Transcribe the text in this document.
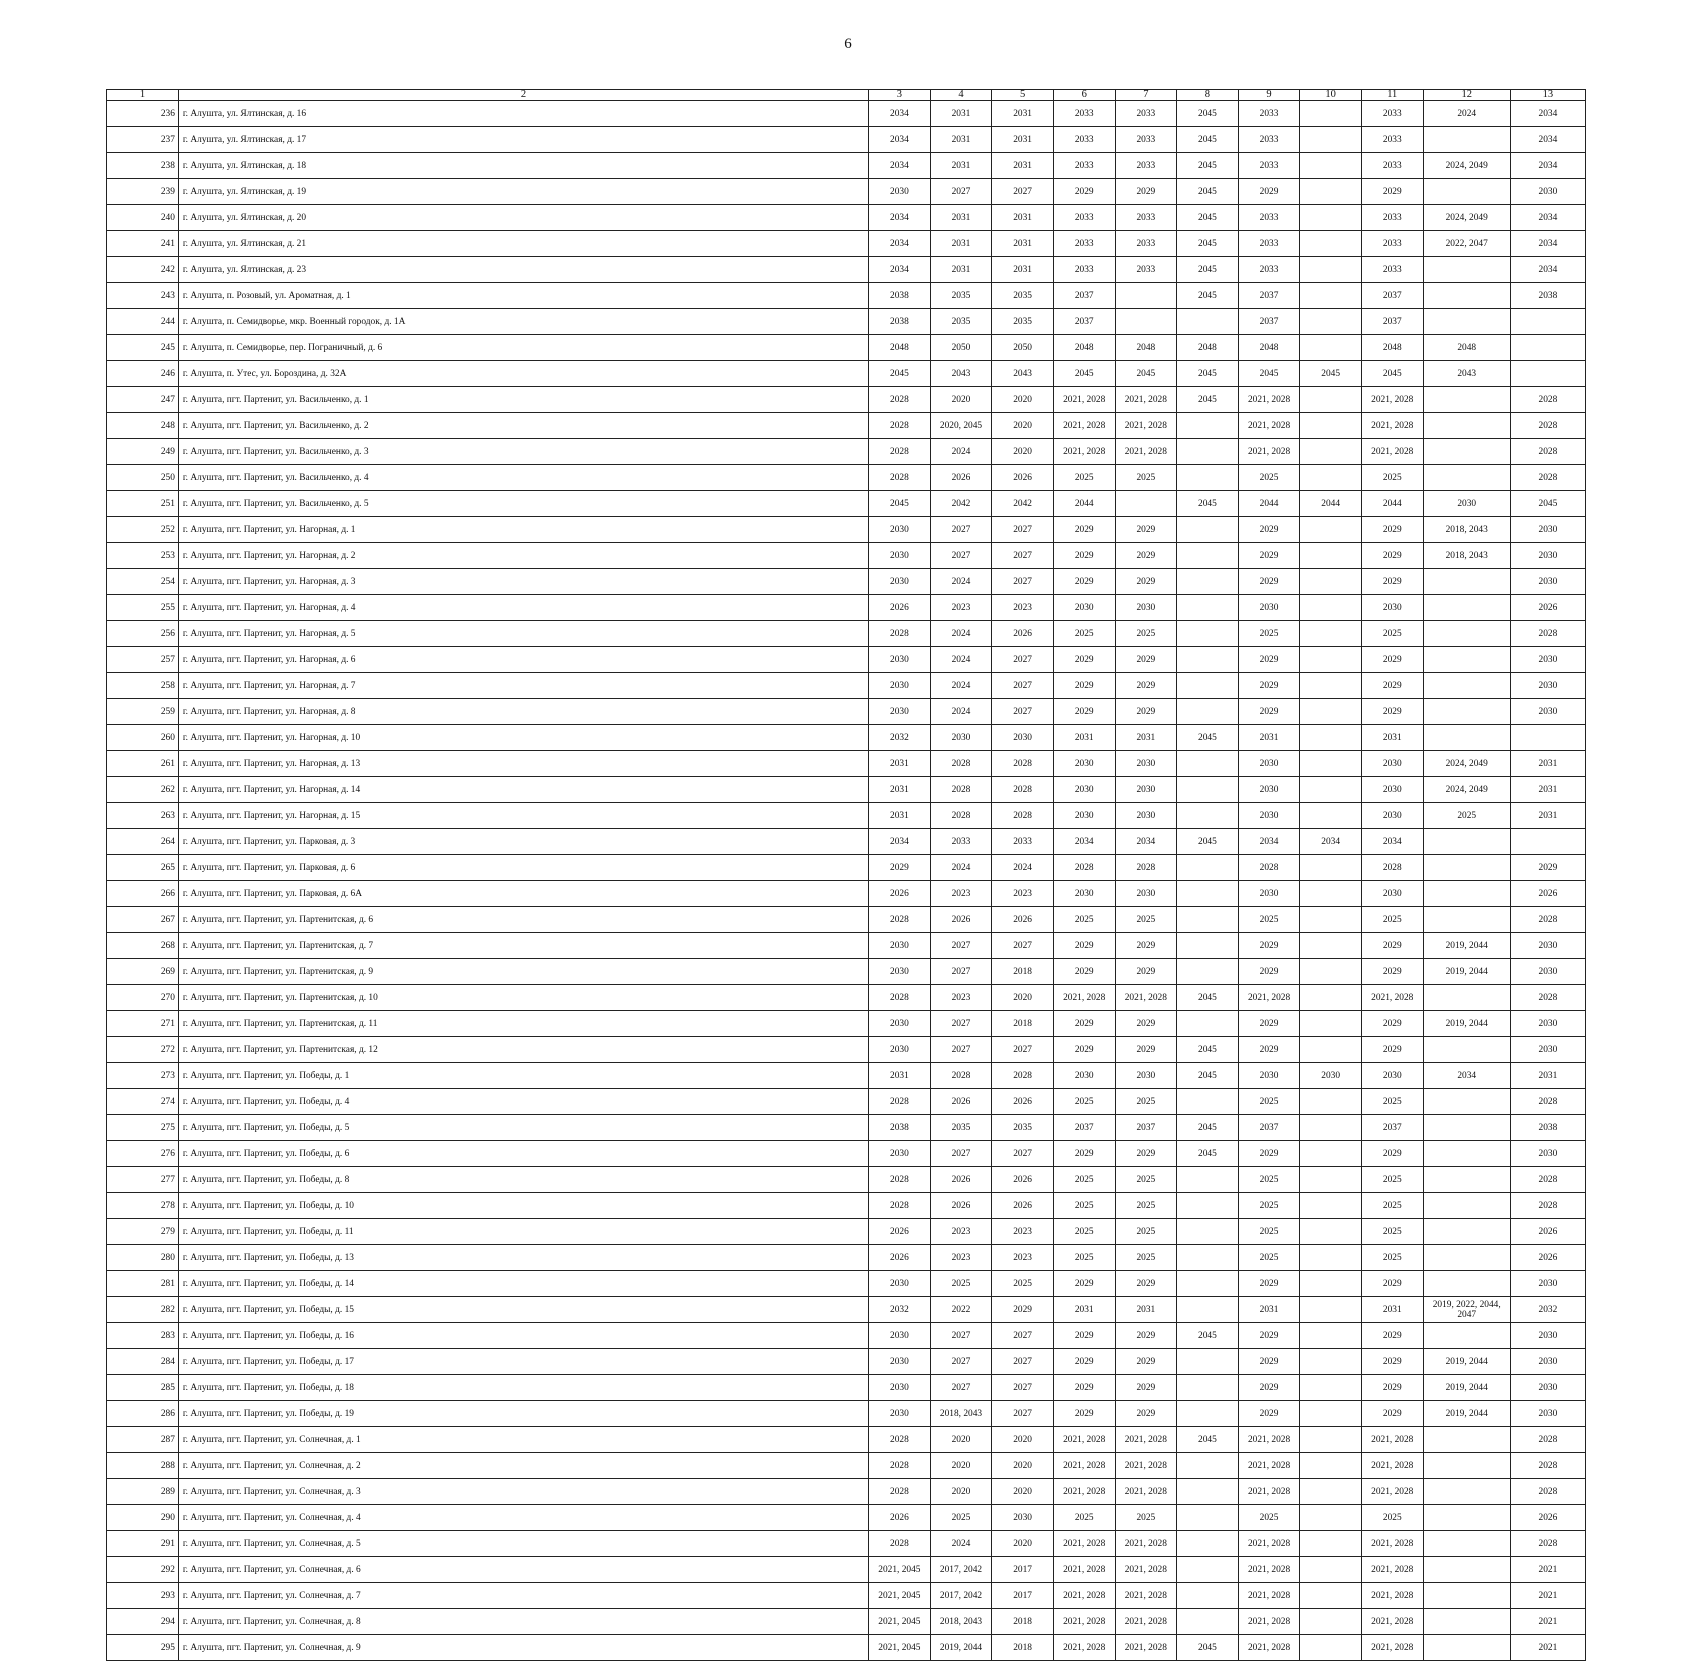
6
1	2	3	4	5	6	7	8	9	10	11	12	13
236	г. Алушта, ул. Ялтинская, д. 16	2034	2031	2031	2033	2033	2045	2033		2033	2024	2034
237	г. Алушта, ул. Ялтинская, д. 17	2034	2031	2031	2033	2033	2045	2033		2033		2034
238	г. Алушта, ул. Ялтинская, д. 18	2034	2031	2031	2033	2033	2045	2033		2033	2024, 2049	2034
239	г. Алушта, ул. Ялтинская, д. 19	2030	2027	2027	2029	2029	2045	2029		2029		2030
240	г. Алушта, ул. Ялтинская, д. 20	2034	2031	2031	2033	2033	2045	2033		2033	2024, 2049	2034
241	г. Алушта, ул. Ялтинская, д. 21	2034	2031	2031	2033	2033	2045	2033		2033	2022, 2047	2034
242	г. Алушта, ул. Ялтинская, д. 23	2034	2031	2031	2033	2033	2045	2033		2033		2034
243	г. Алушта, п. Розовый, ул. Ароматная, д. 1	2038	2035	2035	2037		2045	2037		2037		2038
244	г. Алушта, п. Семидворье, мкр. Военный городок, д. 1А	2038	2035	2035	2037			2037		2037		
245	г. Алушта, п. Семидворье, пер. Пограничный, д. 6	2048	2050	2050	2048	2048	2048	2048		2048	2048	
246	г. Алушта, п. Утес, ул. Бороздина, д. 32А	2045	2043	2043	2045	2045	2045	2045	2045	2045	2043	
247	г. Алушта, пгт. Партенит, ул. Васильченко, д. 1	2028	2020	2020	2021, 2028	2021, 2028	2045	2021, 2028		2021, 2028		2028
248	г. Алушта, пгт. Партенит, ул. Васильченко, д. 2	2028	2020, 2045	2020	2021, 2028	2021, 2028		2021, 2028		2021, 2028		2028
249	г. Алушта, пгт. Партенит, ул. Васильченко, д. 3	2028	2024	2020	2021, 2028	2021, 2028		2021, 2028		2021, 2028		2028
250	г. Алушта, пгт. Партенит, ул. Васильченко, д. 4	2028	2026	2026	2025	2025		2025		2025		2028
251	г. Алушта, пгт. Партенит, ул. Васильченко, д. 5	2045	2042	2042	2044		2045	2044	2044	2044	2030	2045
252	г. Алушта, пгт. Партенит, ул. Нагорная, д. 1	2030	2027	2027	2029	2029		2029		2029	2018, 2043	2030
253	г. Алушта, пгт. Партенит, ул. Нагорная, д. 2	2030	2027	2027	2029	2029		2029		2029	2018, 2043	2030
254	г. Алушта, пгт. Партенит, ул. Нагорная, д. 3	2030	2024	2027	2029	2029		2029		2029		2030
255	г. Алушта, пгт. Партенит, ул. Нагорная, д. 4	2026	2023	2023	2030	2030		2030		2030		2026
256	г. Алушта, пгт. Партенит, ул. Нагорная, д. 5	2028	2024	2026	2025	2025		2025		2025		2028
257	г. Алушта, пгт. Партенит, ул. Нагорная, д. 6	2030	2024	2027	2029	2029		2029		2029		2030
258	г. Алушта, пгт. Партенит, ул. Нагорная, д. 7	2030	2024	2027	2029	2029		2029		2029		2030
259	г. Алушта, пгт. Партенит, ул. Нагорная, д. 8	2030	2024	2027	2029	2029		2029		2029		2030
260	г. Алушта, пгт. Партенит, ул. Нагорная, д. 10	2032	2030	2030	2031	2031	2045	2031		2031		
261	г. Алушта, пгт. Партенит, ул. Нагорная, д. 13	2031	2028	2028	2030	2030		2030		2030	2024, 2049	2031
262	г. Алушта, пгт. Партенит, ул. Нагорная, д. 14	2031	2028	2028	2030	2030		2030		2030	2024, 2049	2031
263	г. Алушта, пгт. Партенит, ул. Нагорная, д. 15	2031	2028	2028	2030	2030		2030		2030	2025	2031
264	г. Алушта, пгт. Партенит, ул. Парковая, д. 3	2034	2033	2033	2034	2034	2045	2034	2034	2034		
265	г. Алушта, пгт. Партенит, ул. Парковая, д. 6	2029	2024	2024	2028	2028		2028		2028		2029
266	г. Алушта, пгт. Партенит, ул. Парковая, д. 6А	2026	2023	2023	2030	2030		2030		2030		2026
267	г. Алушта, пгт. Партенит, ул. Партенитская, д. 6	2028	2026	2026	2025	2025		2025		2025		2028
268	г. Алушта, пгт. Партенит, ул. Партенитская, д. 7	2030	2027	2027	2029	2029		2029		2029	2019, 2044	2030
269	г. Алушта, пгт. Партенит, ул. Партенитская, д. 9	2030	2027	2018	2029	2029		2029		2029	2019, 2044	2030
270	г. Алушта, пгт. Партенит, ул. Партенитская, д. 10	2028	2023	2020	2021, 2028	2021, 2028	2045	2021, 2028		2021, 2028		2028
271	г. Алушта, пгт. Партенит, ул. Партенитская, д. 11	2030	2027	2018	2029	2029		2029		2029	2019, 2044	2030
272	г. Алушта, пгт. Партенит, ул. Партенитская, д. 12	2030	2027	2027	2029	2029	2045	2029		2029		2030
273	г. Алушта, пгт. Партенит, ул. Победы, д. 1	2031	2028	2028	2030	2030	2045	2030	2030	2030	2034	2031
274	г. Алушта, пгт. Партенит, ул. Победы, д. 4	2028	2026	2026	2025	2025		2025		2025		2028
275	г. Алушта, пгт. Партенит, ул. Победы, д. 5	2038	2035	2035	2037	2037	2045	2037		2037		2038
276	г. Алушта, пгт. Партенит, ул. Победы, д. 6	2030	2027	2027	2029	2029	2045	2029		2029		2030
277	г. Алушта, пгт. Партенит, ул. Победы, д. 8	2028	2026	2026	2025	2025		2025		2025		2028
278	г. Алушта, пгт. Партенит, ул. Победы, д. 10	2028	2026	2026	2025	2025		2025		2025		2028
279	г. Алушта, пгт. Партенит, ул. Победы, д. 11	2026	2023	2023	2025	2025		2025		2025		2026
280	г. Алушта, пгт. Партенит, ул. Победы, д. 13	2026	2023	2023	2025	2025		2025		2025		2026
281	г. Алушта, пгт. Партенит, ул. Победы, д. 14	2030	2025	2025	2029	2029		2029		2029		2030
282	г. Алушта, пгт. Партенит, ул. Победы, д. 15	2032	2022	2029	2031	2031		2031		2031	2019, 2022, 2044, 2047	2032
283	г. Алушта, пгт. Партенит, ул. Победы, д. 16	2030	2027	2027	2029	2029	2045	2029		2029		2030
284	г. Алушта, пгт. Партенит, ул. Победы, д. 17	2030	2027	2027	2029	2029		2029		2029	2019, 2044	2030
285	г. Алушта, пгт. Партенит, ул. Победы, д. 18	2030	2027	2027	2029	2029		2029		2029	2019, 2044	2030
286	г. Алушта, пгт. Партенит, ул. Победы, д. 19	2030	2018, 2043	2027	2029	2029		2029		2029	2019, 2044	2030
287	г. Алушта, пгт. Партенит, ул. Солнечная, д. 1	2028	2020	2020	2021, 2028	2021, 2028	2045	2021, 2028		2021, 2028		2028
288	г. Алушта, пгт. Партенит, ул. Солнечная, д. 2	2028	2020	2020	2021, 2028	2021, 2028		2021, 2028		2021, 2028		2028
289	г. Алушта, пгт. Партенит, ул. Солнечная, д. 3	2028	2020	2020	2021, 2028	2021, 2028		2021, 2028		2021, 2028		2028
290	г. Алушта, пгт. Партенит, ул. Солнечная, д. 4	2026	2025	2030	2025	2025		2025		2025		2026
291	г. Алушта, пгт. Партенит, ул. Солнечная, д. 5	2028	2024	2020	2021, 2028	2021, 2028		2021, 2028		2021, 2028		2028
292	г. Алушта, пгт. Партенит, ул. Солнечная, д. 6	2021, 2045	2017, 2042	2017	2021, 2028	2021, 2028		2021, 2028		2021, 2028		2021
293	г. Алушта, пгт. Партенит, ул. Солнечная, д. 7	2021, 2045	2017, 2042	2017	2021, 2028	2021, 2028		2021, 2028		2021, 2028		2021
294	г. Алушта, пгт. Партенит, ул. Солнечная, д. 8	2021, 2045	2018, 2043	2018	2021, 2028	2021, 2028		2021, 2028		2021, 2028		2021
295	г. Алушта, пгт. Партенит, ул. Солнечная, д. 9	2021, 2045	2019, 2044	2018	2021, 2028	2021, 2028	2045	2021, 2028		2021, 2028		2021
